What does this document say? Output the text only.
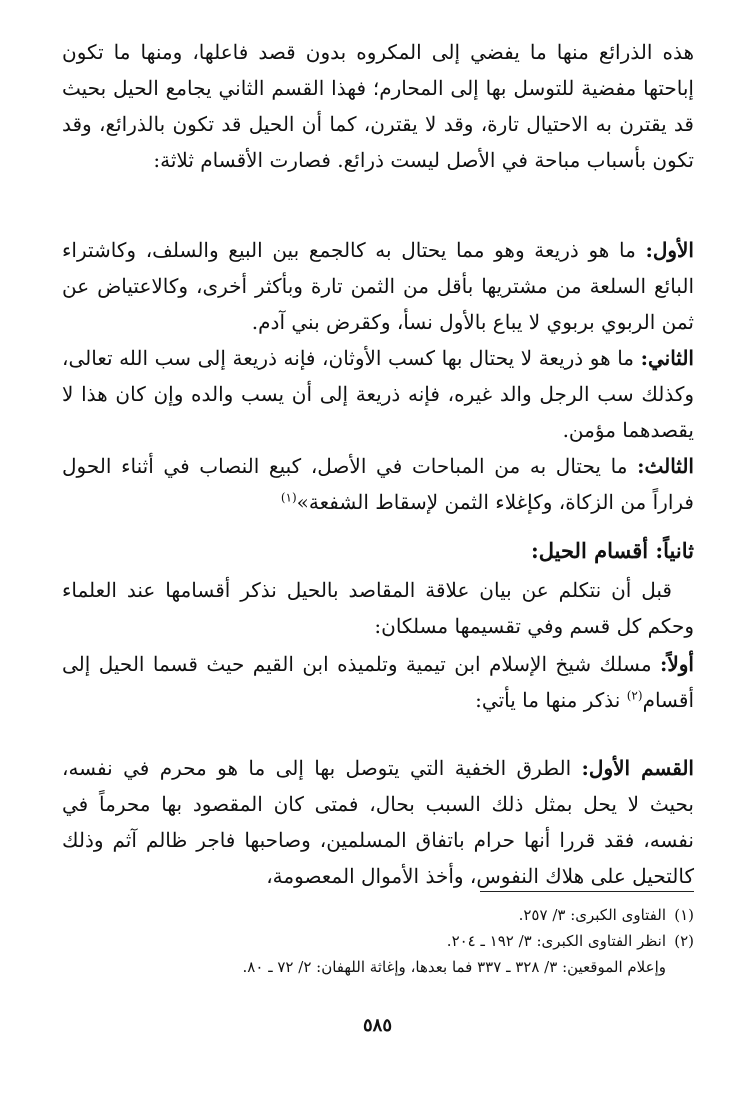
هذه الذرائع منها ما يفضي إلى المكروه بدون قصد فاعلها، ومنها ما تكون إباحتها مفضية للتوسل بها إلى المحارم؛ فهذا القسم الثاني يجامع الحيل بحيث قد يقترن به الاحتيال تارة، وقد لا يقترن، كما أن الحيل قد تكون بالذرائع، وقد تكون بأسباب مباحة في الأصل ليست ذرائع. فصارت الأقسام ثلاثة:

الأول: ما هو ذريعة وهو مما يحتال به كالجمع بين البيع والسلف، وكاشتراء البائع السلعة من مشتريها بأقل من الثمن تارة وبأكثر أخرى، وكالاعتياض عن ثمن الربوي بربوي لا يباع بالأول نسأ، وكقرض بني آدم.

الثاني: ما هو ذريعة لا يحتال بها كسب الأوثان، فإنه ذريعة إلى سب الله تعالى، وكذلك سب الرجل والد غيره، فإنه ذريعة إلى أن يسب والده وإن كان هذا لا يقصدهما مؤمن.

الثالث: ما يحتال به من المباحات في الأصل، كبيع النصاب في أثناء الحول فراراً من الزكاة، وكإغلاء الثمن لإسقاط الشفعة»$^{(١)}$

ثانياً: أقسام الحيل:

قبل أن نتكلم عن بيان علاقة المقاصد بالحيل نذكر أقسامها عند العلماء وحكم كل قسم وفي تقسيمها مسلكان:

أولاً: مسلك شيخ الإسلام ابن تيمية وتلميذه ابن القيم حيث قسما الحيل إلى أقسام$^{(٢)}$ نذكر منها ما يأتي:

القسم الأول: الطرق الخفية التي يتوصل بها إلى ما هو محرم في نفسه، بحيث لا يحل بمثل ذلك السبب بحال، فمتى كان المقصود بها محرماً في نفسه، فقد قررا أنها حرام باتفاق المسلمين، وصاحبها فاجر ظالم آثم وذلك كالتحيل على هلاك النفوس، وأخذ الأموال المعصومة،

(١)الفتاوى الكبرى: ٣/ ٢٥٧.
(٢)انظر الفتاوى الكبرى: ٣/ ١٩٢ ـ ٢٠٤.
وإعلام الموقعين: ٣/ ٣٢٨ ـ ٣٣٧ فما بعدها، وإغاثة اللهفان: ٢/ ٧٢ ـ ٨٠.
٥٨٥
